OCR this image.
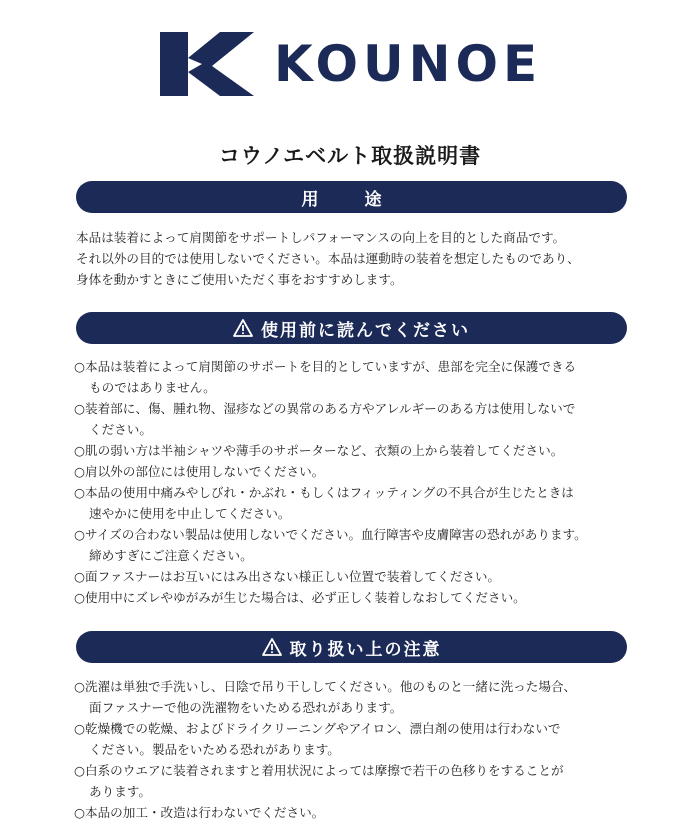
KOUNOE
コウノエベルト取扱説明書
用 途
本品は装着によって肩関節をサポートしパフォーマンスの向上を目的とした商品です。
それ以外の目的では使用しないでください。本品は運動時の装着を想定したものであり、
身体を動かすときにご使用いただく事をおすすめします。
使用前に読んでください
○本品は装着によって肩関節のサポートを目的としていますが、患部を完全に保護できる
ものではありません。
○装着部に、傷、腫れ物、湿疹などの異常のある方やアレルギーのある方は使用しないで
ください。
○肌の弱い方は半袖シャツや薄手のサポーターなど、衣類の上から装着してください。
○肩以外の部位には使用しないでください。
○本品の使用中痛みやしびれ・かぶれ・もしくはフィッティングの不具合が生じたときは
速やかに使用を中止してください。
○サイズの合わない製品は使用しないでください。血行障害や皮膚障害の恐れがあります。
締めすぎにご注意ください。
○面ファスナーはお互いにはみ出さない様正しい位置で装着してください。
○使用中にズレやゆがみが生じた場合は、必ず正しく装着しなおしてください。
取り扱い上の注意
○洗濯は単独で手洗いし、日陰で吊り干ししてください。他のものと一緒に洗った場合、
面ファスナーで他の洗濯物をいためる恐れがあります。
○乾燥機での乾燥、およびドライクリーニングやアイロン、漂白剤の使用は行わないで
ください。製品をいためる恐れがあります。
○白系のウエアに装着されますと着用状況によっては摩擦で若干の色移りをすることが
あります。
○本品の加工・改造は行わないでください。
